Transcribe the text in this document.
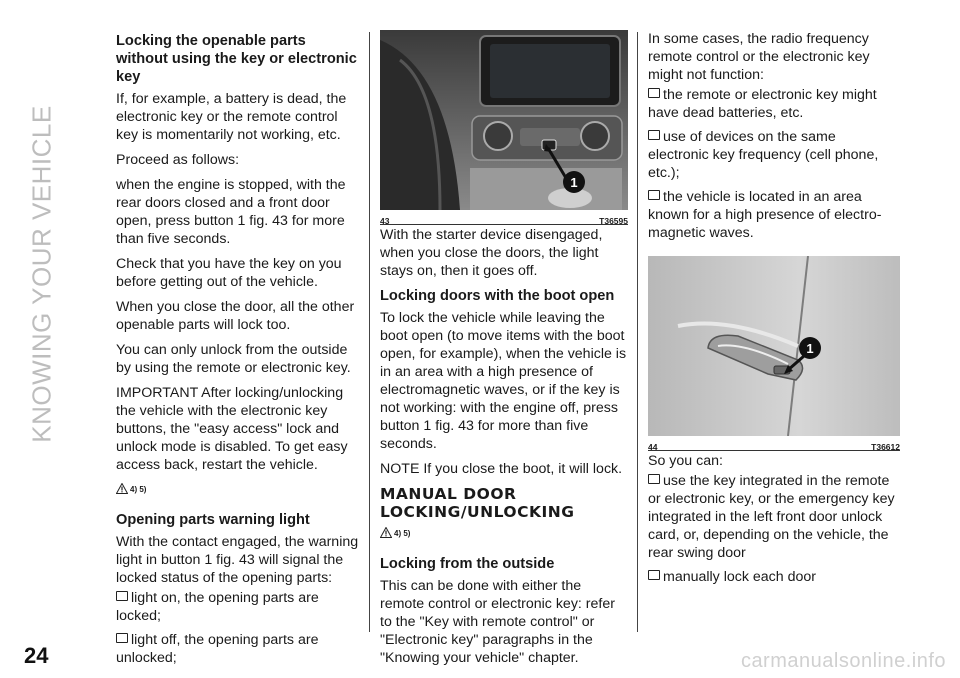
KNOWING YOUR VEHICLE
Locking the openable parts without using the key or electronic key

If, for example, a battery is dead, the electronic key or the remote control key is momentarily not working, etc.

Proceed as follows:

when the engine is stopped, with the rear doors closed and a front door open, press button 1 fig. 43 for more than five seconds.

Check that you have the key on you before getting out of the vehicle.

When you close the door, all the other openable parts will lock too.

You can only unlock from the outside by using the remote or electronic key.

IMPORTANT After locking/unlocking the vehicle with the electronic key buttons, the "easy access" lock and unlock mode is disabled. To get easy access back, restart the vehicle.

4) 5)
Opening parts warning light

With the contact engaged, the warning light in button 1 fig. 43 will signal the locked status of the opening parts:

light on, the opening parts are locked;
light off, the opening parts are unlocked;
1
43	T36595

With the starter device disengaged, when you close the doors, the light stays on, then it goes off.

Locking doors with the boot open

To lock the vehicle while leaving the boot open (to move items with the boot open, for example), when the vehicle is in an area with a high presence of electromagnetic waves, or if the key is not working: with the engine off, press button 1 fig. 43 for more than five seconds.

NOTE If you close the boot, it will lock.

MANUAL DOOR LOCKING/UNLOCKING
4) 5)
Locking from the outside

This can be done with either the remote control or electronic key: refer to the "Key with remote control" or "Electronic key" paragraphs in the "Knowing your vehicle" chapter.

In some cases, the radio frequency remote control or the electronic key might not function:

the remote or electronic key might have dead batteries, etc.
use of devices on the same electronic key frequency (cell phone, etc.);
the vehicle is located in an area known for a high presence of electro-magnetic waves.
1
44	T36612

So you can:

use the key integrated in the remote or electronic key, or the emergency key integrated in the left front door unlock card, or, depending on the vehicle, the rear swing door
manually lock each door
24	carmanualsonline.info
